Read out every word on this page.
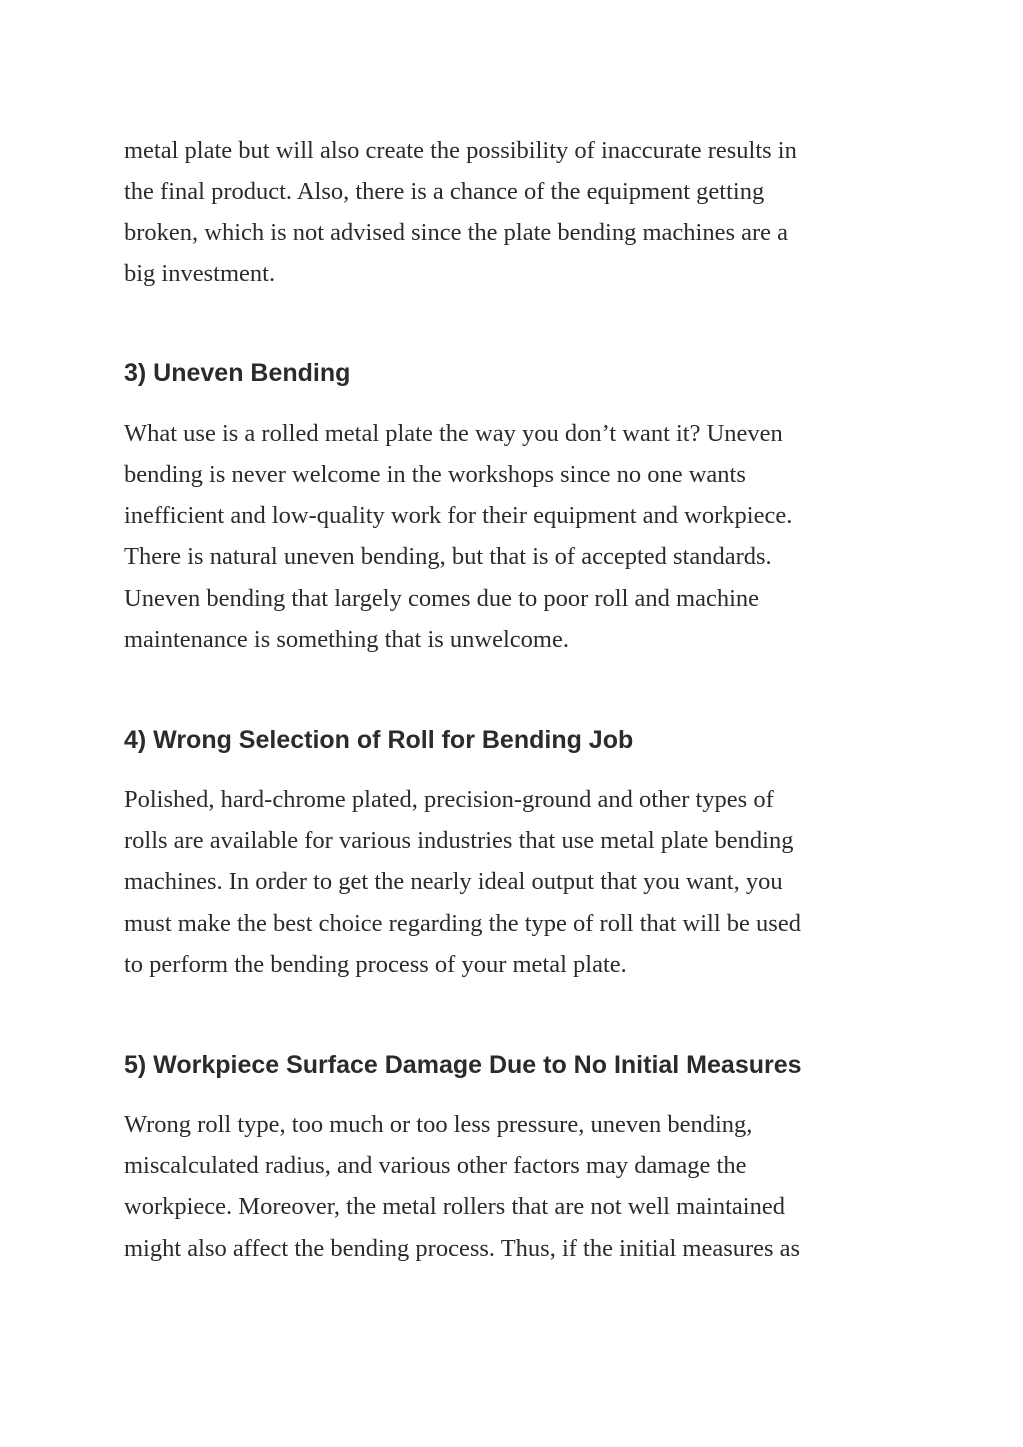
metal plate but will also create the possibility of inaccurate results in
the final product. Also, there is a chance of the equipment getting
broken, which is not advised since the plate bending machines are a
big investment.
3) Uneven Bending
What use is a rolled metal plate the way you don’t want it? Uneven
bending is never welcome in the workshops since no one wants
inefficient and low-quality work for their equipment and workpiece.
There is natural uneven bending, but that is of accepted standards.
Uneven bending that largely comes due to poor roll and machine
maintenance is something that is unwelcome.
4) Wrong Selection of Roll for Bending Job
Polished, hard-chrome plated, precision-ground and other types of
rolls are available for various industries that use metal plate bending
machines. In order to get the nearly ideal output that you want, you
must make the best choice regarding the type of roll that will be used
to perform the bending process of your metal plate.
5) Workpiece Surface Damage Due to No Initial Measures
Wrong roll type, too much or too less pressure, uneven bending,
miscalculated radius, and various other factors may damage the
workpiece. Moreover, the metal rollers that are not well maintained
might also affect the bending process. Thus, if the initial measures as
